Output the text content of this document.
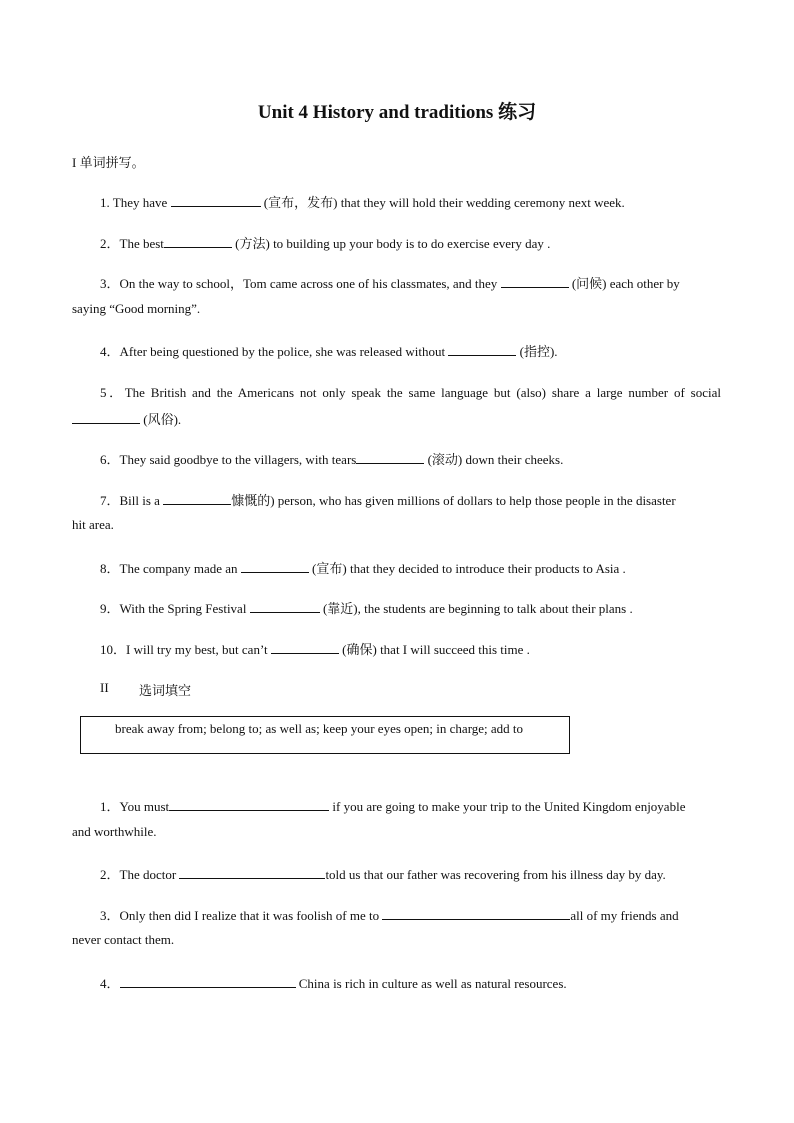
Unit 4 History and traditions 练习
I 单词拼写。
1. They have	(宣布，发布) that they will hold their wedding ceremony next week.
2．The best	(方法) to building up your body is to do exercise every day .
3．On the way to school，Tom came across one of his classmates, and they	(问候) each other by
saying “Good morning”.
4．After being questioned by the police, she was released without	(指控).
5．The British and the Americans not only speak the same language but (also) share a large number of social
(风俗).
6．They said goodbye to the villagers, with tears	(滚动) down their cheeks.
7．Bill is a	慷慨的) person, who has given millions of dollars to help those people in the disaster
hit area.
8．The company made an	(宣布) that they decided to introduce their products to Asia .
9．With the Spring Festival	(靠近), the students are beginning to talk about their plans .
10．I will try my best, but can’t	(确保) that I will succeed this time .
II 选词填空
break away from; belong to; as well as; keep your eyes open; in charge; add to
1．You must	if you are going to make your trip to the United Kingdom enjoyable
and worthwhile.
2．The doctor	told us that our father was recovering from his illness day by day.
3．Only then did I realize that it was foolish of me to	all of my friends and
never contact them.
4．	China is rich in culture as well as natural resources.
